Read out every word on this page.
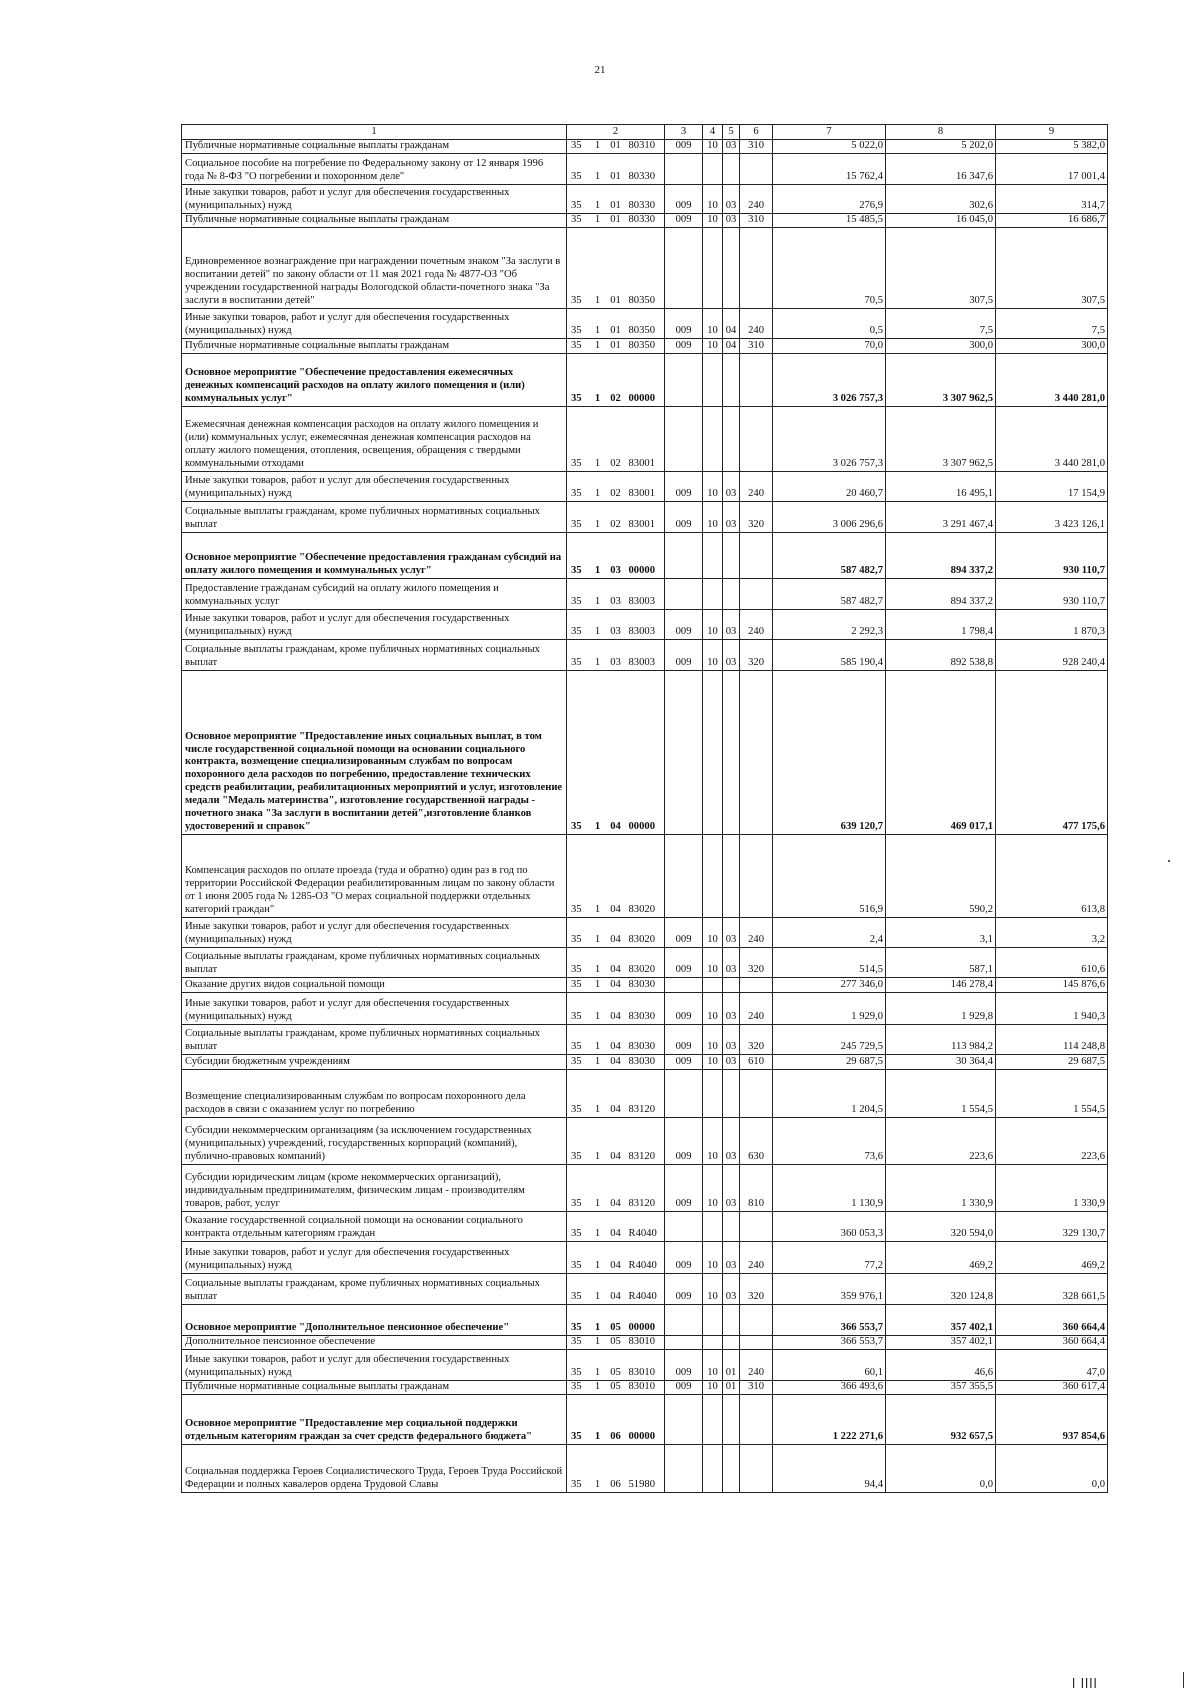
21
1	2				3	4	5	6	7	8	9
Публичные нормативные социальные выплаты гражданам	35	1	01	80310	009	10	03	310	5 022,0	5 202,0	5 382,0
Социальное пособие на погребение по Федеральному закону от 12 января 1996 года № 8-ФЗ "О погребении и похоронном деле"	35	1	01	80330					15 762,4	16 347,6	17 001,4
Иные закупки товаров, работ и услуг для обеспечения государственных (муниципальных) нужд	35	1	01	80330	009	10	03	240	276,9	302,6	314,7
Публичные нормативные социальные выплаты гражданам	35	1	01	80330	009	10	03	310	15 485,5	16 045,0	16 686,7
Единовременное вознаграждение при награждении почетным знаком "За заслуги в воспитании детей" по закону области от 11 мая 2021 года № 4877-ОЗ "Об учреждении государственной награды Вологодской области-почетного знака "За заслуги в воспитании детей"	35	1	01	80350					70,5	307,5	307,5
Иные закупки товаров, работ и услуг для обеспечения государственных (муниципальных) нужд	35	1	01	80350	009	10	04	240	0,5	7,5	7,5
Публичные нормативные социальные выплаты гражданам	35	1	01	80350	009	10	04	310	70,0	300,0	300,0
Основное мероприятие "Обеспечение предоставления ежемесячных денежных компенсаций расходов на оплату жилого помещения и (или) коммунальных услуг"	35	1	02	00000					3 026 757,3	3 307 962,5	3 440 281,0
Ежемесячная денежная компенсация расходов на оплату жилого помещения и (или) коммунальных услуг, ежемесячная денежная компенсация расходов на оплату жилого помещения, отопления, освещения, обращения с твердыми коммунальными отходами	35	1	02	83001					3 026 757,3	3 307 962,5	3 440 281,0
Иные закупки товаров, работ и услуг для обеспечения государственных (муниципальных) нужд	35	1	02	83001	009	10	03	240	20 460,7	16 495,1	17 154,9
Социальные выплаты гражданам, кроме публичных нормативных социальных выплат	35	1	02	83001	009	10	03	320	3 006 296,6	3 291 467,4	3 423 126,1
Основное мероприятие "Обеспечение предоставления гражданам субсидий на оплату жилого помещения и коммунальных услуг"	35	1	03	00000					587 482,7	894 337,2	930 110,7
Предоставление гражданам субсидий на оплату жилого помещения и коммунальных услуг	35	1	03	83003					587 482,7	894 337,2	930 110,7
Иные закупки товаров, работ и услуг для обеспечения государственных (муниципальных) нужд	35	1	03	83003	009	10	03	240	2 292,3	1 798,4	1 870,3
Социальные выплаты гражданам, кроме публичных нормативных социальных выплат	35	1	03	83003	009	10	03	320	585 190,4	892 538,8	928 240,4
Основное мероприятие "Предоставление иных социальных выплат, в том числе государственной социальной помощи на основании социального контракта, возмещение специализированным службам по вопросам похоронного дела расходов по погребению, предоставление технических средств реабилитации, реабилитационных мероприятий и услуг, изготовление медали "Медаль материнства", изготовление государственной награды - почетного знака "За заслуги в воспитании детей",изготовление бланков удостоверений и справок"	35	1	04	00000					639 120,7	469 017,1	477 175,6
Компенсация расходов по оплате проезда (туда и обратно) один раз в год по территории Российской Федерации реабилитированным лицам по закону области от 1 июня 2005 года № 1285-ОЗ "О мерах социальной поддержки отдельных категорий граждан"	35	1	04	83020					516,9	590,2	613,8
Иные закупки товаров, работ и услуг для обеспечения государственных (муниципальных) нужд	35	1	04	83020	009	10	03	240	2,4	3,1	3,2
Социальные выплаты гражданам, кроме публичных нормативных социальных выплат	35	1	04	83020	009	10	03	320	514,5	587,1	610,6
Оказание других видов социальной помощи	35	1	04	83030					277 346,0	146 278,4	145 876,6
Иные закупки товаров, работ и услуг для обеспечения государственных (муниципальных) нужд	35	1	04	83030	009	10	03	240	1 929,0	1 929,8	1 940,3
Социальные выплаты гражданам, кроме публичных нормативных социальных выплат	35	1	04	83030	009	10	03	320	245 729,5	113 984,2	114 248,8
Субсидии бюджетным учреждениям	35	1	04	83030	009	10	03	610	29 687,5	30 364,4	29 687,5
Возмещение специализированным службам по вопросам похоронного дела расходов в связи с оказанием услуг по погребению	35	1	04	83120					1 204,5	1 554,5	1 554,5
Субсидии некоммерческим организациям (за исключением государственных (муниципальных) учреждений, государственных корпораций (компаний), публично-правовых компаний)	35	1	04	83120	009	10	03	630	73,6	223,6	223,6
Субсидии юридическим лицам (кроме некоммерческих организаций), индивидуальным предпринимателям, физическим лицам - производителям товаров, работ, услуг	35	1	04	83120	009	10	03	810	1 130,9	1 330,9	1 330,9
Оказание государственной социальной помощи на основании социального контракта отдельным категориям граждан	35	1	04	R4040					360 053,3	320 594,0	329 130,7
Иные закупки товаров, работ и услуг для обеспечения государственных (муниципальных) нужд	35	1	04	R4040	009	10	03	240	77,2	469,2	469,2
Социальные выплаты гражданам, кроме публичных нормативных социальных выплат	35	1	04	R4040	009	10	03	320	359 976,1	320 124,8	328 661,5
Основное мероприятие "Дополнительное пенсионное обеспечение"	35	1	05	00000					366 553,7	357 402,1	360 664,4
Дополнительное пенсионное обеспечение	35	1	05	83010					366 553,7	357 402,1	360 664,4
Иные закупки товаров, работ и услуг для обеспечения государственных (муниципальных) нужд	35	1	05	83010	009	10	01	240	60,1	46,6	47,0
Публичные нормативные социальные выплаты гражданам	35	1	05	83010	009	10	01	310	366 493,6	357 355,5	360 617,4
Основное мероприятие "Предоставление мер социальной поддержки отдельным категориям граждан за счет средств федерального бюджета"	35	1	06	00000					1 222 271,6	932 657,5	937 854,6
Социальная поддержка Героев Социалистического Труда, Героев Труда Российской Федерации и полных кавалеров ордена Трудовой Славы	35	1	06	51980					94,4	0,0	0,0
ǀ ǀǀǀǀ
